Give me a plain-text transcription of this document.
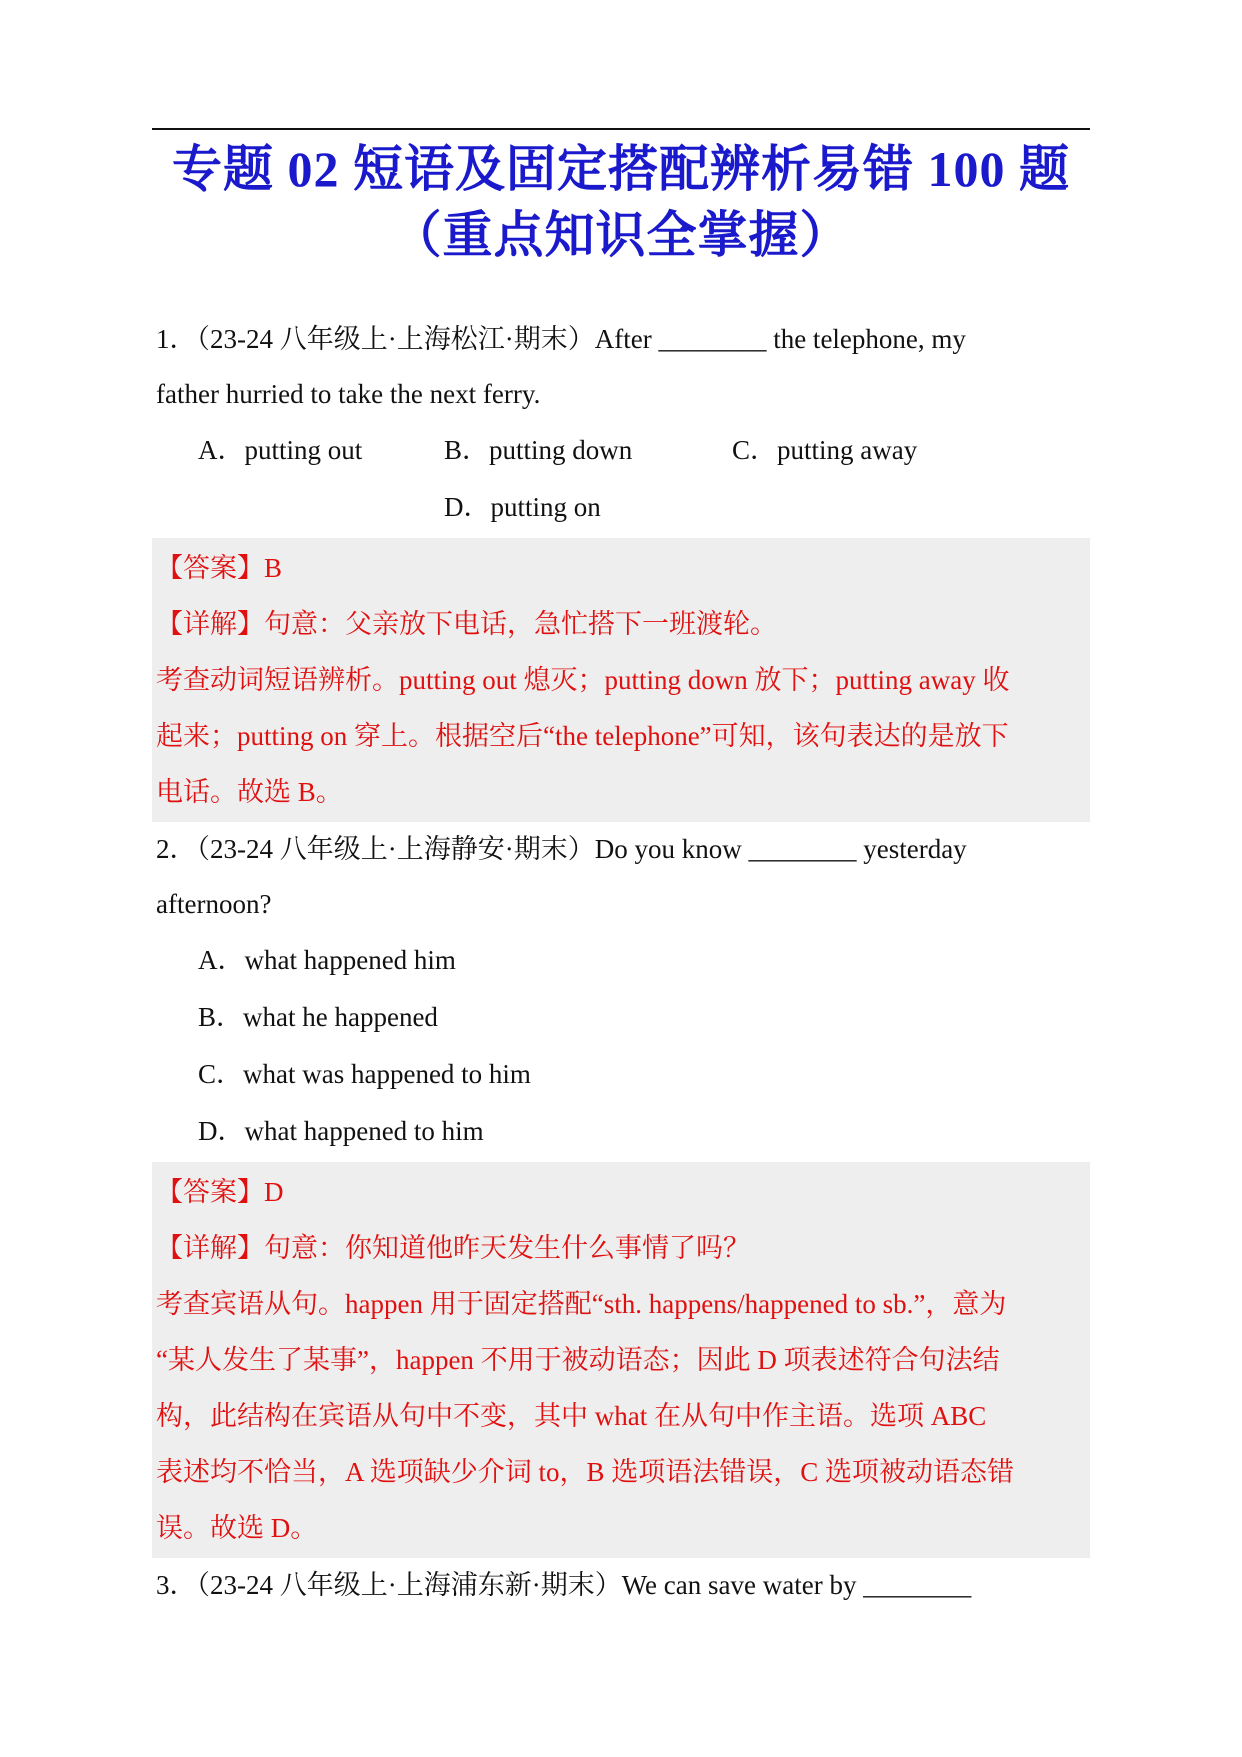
专题 02 短语及固定搭配辨析易错 100 题
（重点知识全掌握）
1．（23-24 八年级上·上海松江·期末）After ________ the telephone, my
father hurried to take the next ferry.
A．putting out	B．putting down	C．putting away
D．putting on
【答案】B
【详解】句意：父亲放下电话，急忙搭下一班渡轮。
考查动词短语辨析。putting out 熄灭；putting down 放下；putting away 收
起来；putting on 穿上。根据空后“the telephone”可知，该句表达的是放下
电话。故选 B。
2．（23-24 八年级上·上海静安·期末）Do you know ________ yesterday
afternoon?
A．what happened him
B．what he happened
C．what was happened to him
D．what happened to him
【答案】D
【详解】句意：你知道他昨天发生什么事情了吗？
考查宾语从句。happen 用于固定搭配“sth. happens/happened to sb.”，意为
“某人发生了某事”，happen 不用于被动语态；因此 D 项表述符合句法结
构，此结构在宾语从句中不变，其中 what 在从句中作主语。选项 ABC
表述均不恰当，A 选项缺少介词 to，B 选项语法错误，C 选项被动语态错
误。故选 D。
3．（23-24 八年级上·上海浦东新·期末）We can save water by ________
